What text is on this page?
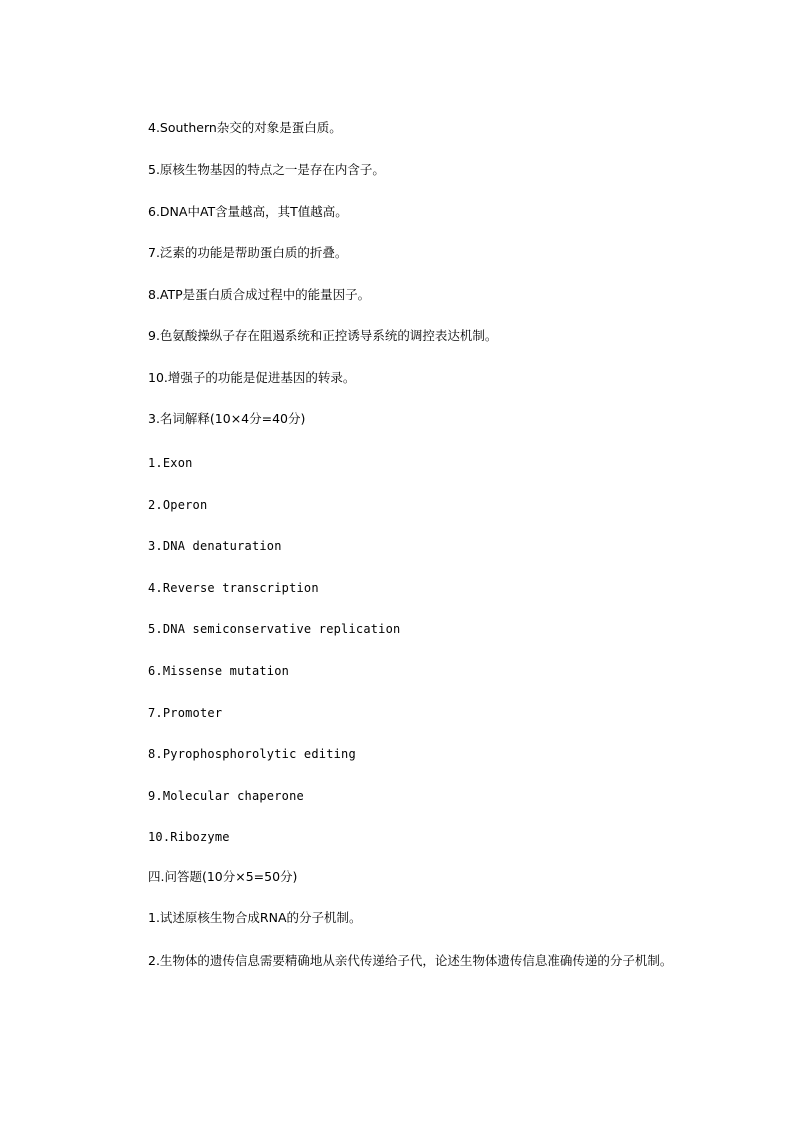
4.Southern杂交的对象是蛋白质。

5.原核生物基因的特点之一是存在内含子。

6.DNA中AT含量越高，其T值越高。

7.泛素的功能是帮助蛋白质的折叠。

8.ATP是蛋白质合成过程中的能量因子。

9.色氨酸操纵子存在阻遏系统和正控诱导系统的调控表达机制。

10.增强子的功能是促进基因的转录。

3.名词解释(10×4分=40分)

1.Exon

2.Operon

3.DNA denaturation

4.Reverse transcription

5.DNA semiconservative replication

6.Missense mutation

7.Promoter

8.Pyrophosphorolytic editing

9.Molecular chaperone

10.Ribozyme

四.问答题(10分×5=50分)

1.试述原核生物合成RNA的分子机制。

2.生物体的遗传信息需要精确地从亲代传递给子代，论述生物体遗传信息准确传递的分子机制。
